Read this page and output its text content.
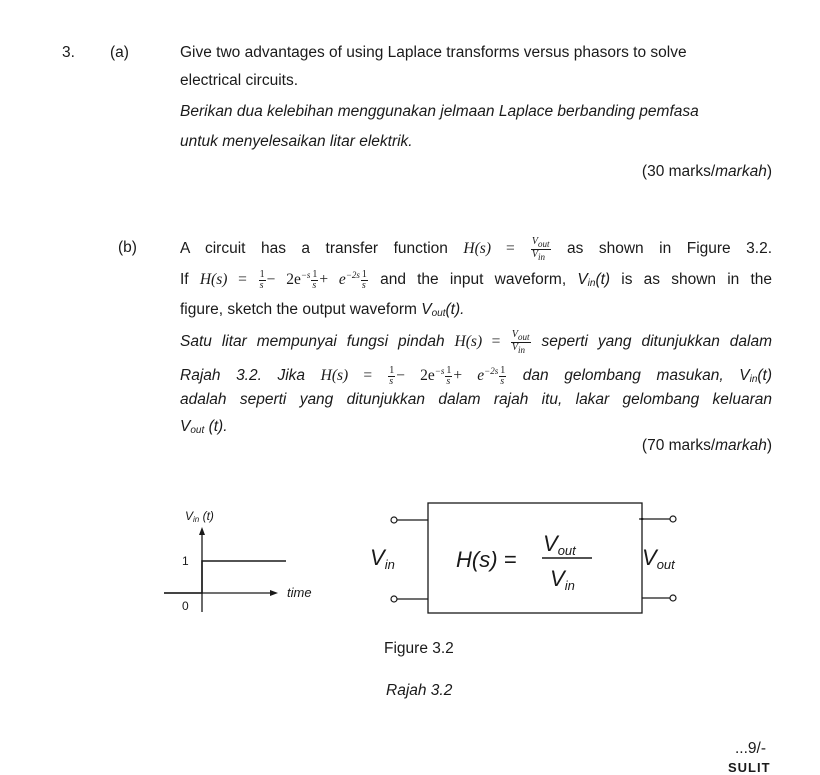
3. (a)	Give two advantages of using Laplace transforms versus phasors to solve
electrical circuits.
Berikan dua kelebihan menggunakan jelmaan Laplace berbanding pemfasa
untuk menyelesaikan litar elektrik.
(30 marks/markah)
(b)	A circuit has a transfer function $H(s) = \frac{V_{out}}{V_{in}}$ as shown in Figure 3.2.
If $H(s) = \frac{1}{s} - 2e^{-s} \frac{1}{s} + e^{-2s} \frac{1}{s}$ and the input waveform, Vin(t) is as shown in the
figure, sketch the output waveform Vout(t).
Satu litar mempunyai fungsi pindah $H(s) = \frac{V_{out}}{V_{in}}$ seperti yang ditunjukkan dalam
Rajah 3.2. Jika $H(s) = \frac{1}{s} - 2e^{-s} \frac{1}{s} + e^{-2s} \frac{1}{s}$ dan gelombang masukan, Vin(t)
adalah seperti yang ditunjukkan dalam rajah itu, lakar gelombang keluaran
Vout (t).
(70 marks/markah)
Vin (t)
1
0
time
Vin	H(s) =
Vout
Vin
Vout
Figure 3.2
Rajah 3.2
...9/-
SULIT
